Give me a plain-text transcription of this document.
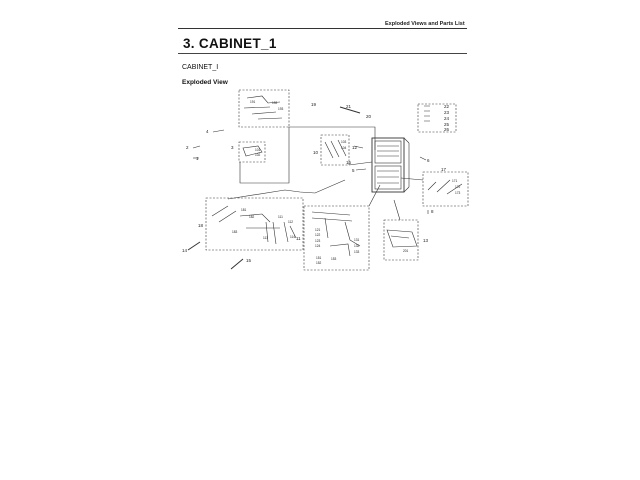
Exploded Views and Parts List
3. CABINET_1
CABINET_I
Exploded View
1
2	3
4
5
6
8
10
11
12
13
14
15
17
18
19
20
21	22
23
24
25
26
16
191	192
193
101
102
103
104
181
182
183
111
112
113	114
121
122
123
124
131
132
133
151
152
153
171
172
173
201
